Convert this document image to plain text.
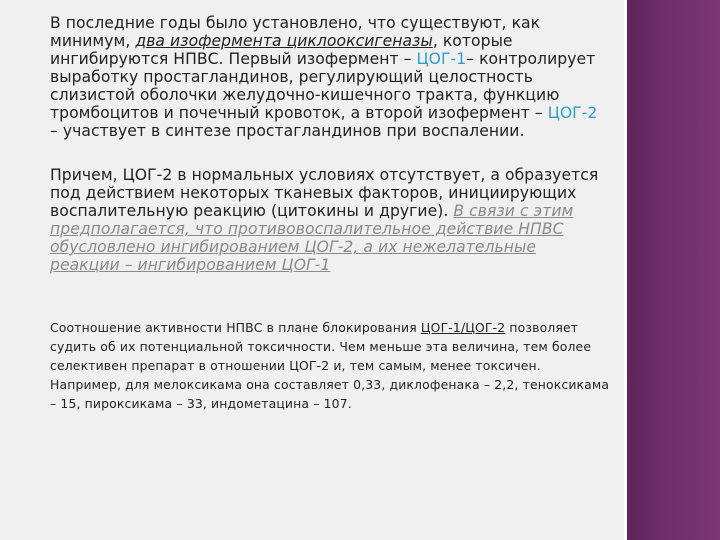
В последние годы было установлено, что существуют, как минимум, два изофермента циклооксигеназы, которые ингибируются НПВС. Первый изофермент – ЦОГ-1– контролирует выработку простагландинов, регулирующий целостность слизистой оболочки желудочно-кишечного тракта, функцию тромбоцитов и почечный кровоток, а второй изофермент – ЦОГ-2 – участвует в синтезе простагландинов при воспалении.

Причем, ЦОГ-2 в нормальных условиях отсутствует, а образуется под действием некоторых тканевых факторов, инициирующих воспалительную реакцию (цитокины и другие). В связи с этим предполагается, что противовоспалительное действие НПВС обусловлено ингибированием ЦОГ-2, а их нежелательные реакции – ингибированием ЦОГ-1

Соотношение активности НПВС в плане блокирования ЦОГ-1/ЦОГ-2 позволяет судить об их потенциальной токсичности. Чем меньше эта величина, тем более селективен препарат в отношении ЦОГ-2 и, тем самым, менее токсичен. Например, для мелоксикама она составляет 0,33, диклофенака – 2,2, теноксикама – 15, пироксикама – 33, индометацина – 107.
